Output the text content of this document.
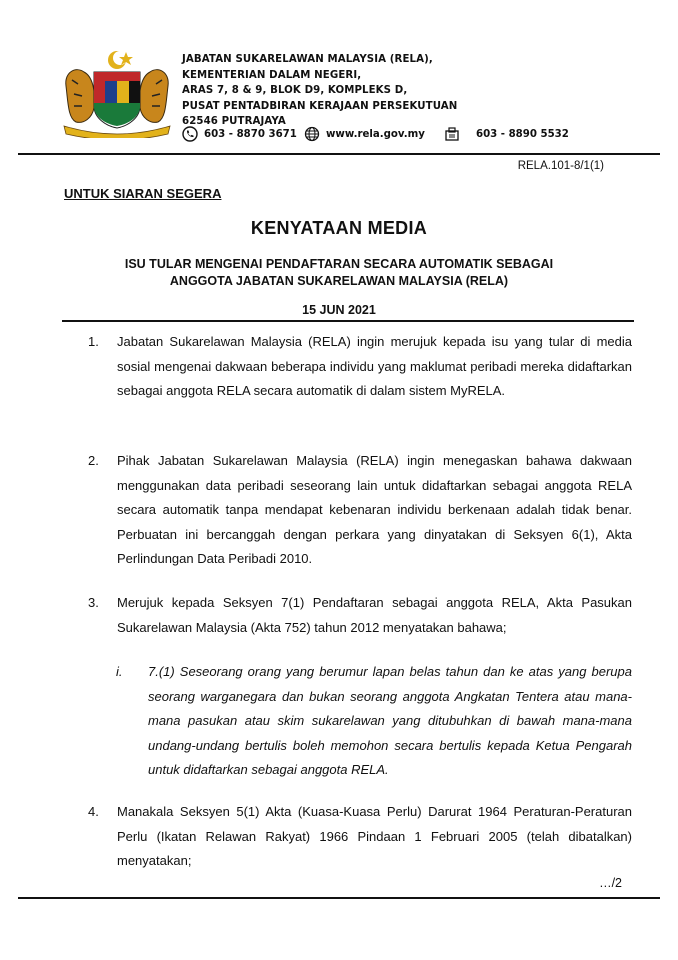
JABATAN SUKARELAWAN MALAYSIA (RELA),
KEMENTERIAN DALAM NEGERI,
ARAS 7, 8 & 9, BLOK D9, KOMPLEKS D,
PUSAT PENTADBIRAN KERAJAAN PERSEKUTUAN
62546 PUTRAJAYA
603 - 8870 3671	www.rela.gov.my	603 - 8890 5532
RELA.101-8/1(1)
UNTUK SIARAN SEGERA
KENYATAAN MEDIA
ISU TULAR MENGENAI PENDAFTARAN SECARA AUTOMATIK SEBAGAI
ANGGOTA JABATAN SUKARELAWAN MALAYSIA (RELA)
15 JUN 2021
1. Jabatan Sukarelawan Malaysia (RELA) ingin merujuk kepada isu yang tular di media sosial mengenai dakwaan beberapa individu yang maklumat peribadi mereka didaftarkan sebagai anggota RELA secara automatik di dalam sistem MyRELA.
2. Pihak Jabatan Sukarelawan Malaysia (RELA) ingin menegaskan bahawa dakwaan menggunakan data peribadi seseorang lain untuk didaftarkan sebagai anggota RELA secara automatik tanpa mendapat kebenaran individu berkenaan adalah tidak benar. Perbuatan ini bercanggah dengan perkara yang dinyatakan di Seksyen 6(1), Akta Perlindungan Data Peribadi 2010.
3. Merujuk kepada Seksyen 7(1) Pendaftaran sebagai anggota RELA, Akta Pasukan Sukarelawan Malaysia (Akta 752) tahun 2012 menyatakan bahawa;
i. 7.(1) Seseorang orang yang berumur lapan belas tahun dan ke atas yang berupa seorang warganegara dan bukan seorang anggota Angkatan Tentera atau mana-mana pasukan atau skim sukarelawan yang ditubuhkan di bawah mana-mana undang-undang bertulis boleh memohon secara bertulis kepada Ketua Pengarah untuk didaftarkan sebagai anggota RELA.
4. Manakala Seksyen 5(1) Akta (Kuasa-Kuasa Perlu) Darurat 1964 Peraturan-Peraturan Perlu (Ikatan Relawan Rakyat) 1966 Pindaan 1 Februari 2005 (telah dibatalkan) menyatakan;
…/2
